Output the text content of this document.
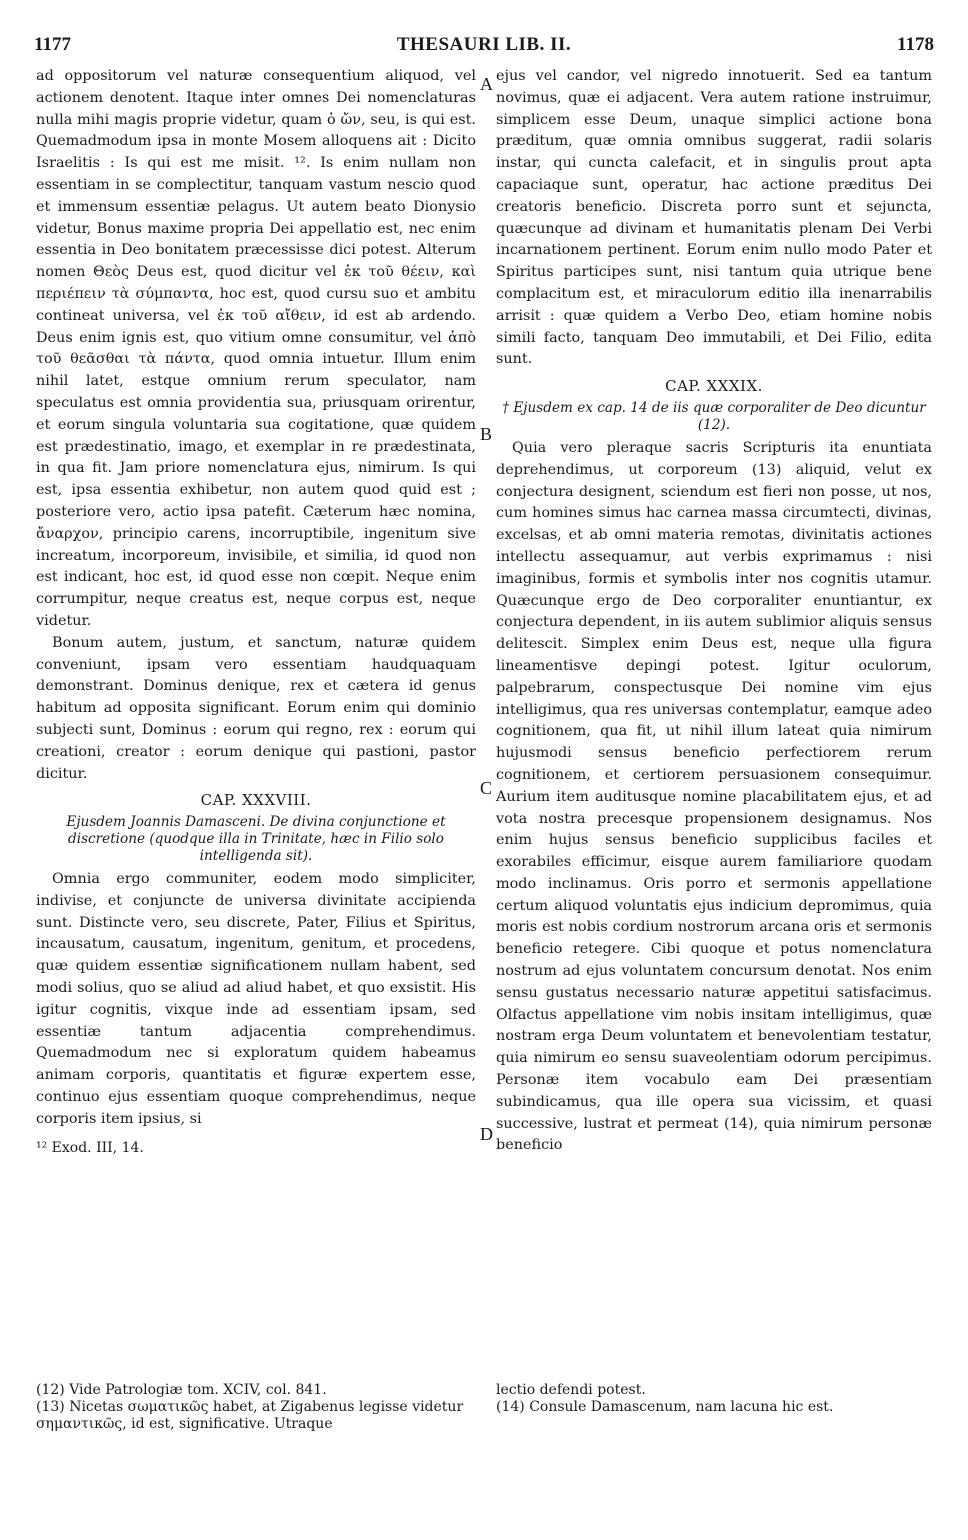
1177	THESAURI LIB. II.	1178

ad oppositorum vel naturæ consequentium aliquod, vel actionem denotent. Itaque inter omnes Dei nomenclaturas nulla mihi magis proprie videtur, quam ὁ ὤν, seu, is qui est. Quemadmodum ipsa in monte Mosem alloquens ait : Dicito Israelitis : Is qui est me misit. ¹². Is enim nullam non essentiam in se complectitur, tanquam vastum nescio quod et immensum essentiæ pelagus. Ut autem beato Dionysio videtur, Bonus maxime propria Dei appellatio est, nec enim essentia in Deo bonitatem præcessisse dici potest. Alterum nomen Θεὸς Deus est, quod dicitur vel ἐκ τοῦ θέειν, καὶ περιέπειν τὰ σύμπαντα, hoc est, quod cursu suo et ambitu contineat universa, vel ἐκ τοῦ αἴθειν, id est ab ardendo. Deus enim ignis est, quo vitium omne consumitur, vel ἀπὸ τοῦ θεᾶσθαι τὰ πάντα, quod omnia intuetur. Illum enim nihil latet, estque omnium rerum speculator, nam speculatus est omnia providentia sua, priusquam orirentur, et eorum singula voluntaria sua cogitatione, quæ quidem est prædestinatio, imago, et exemplar in re prædestinata, in qua fit. Jam priore nomenclatura ejus, nimirum. Is qui est, ipsa essentia exhibetur, non autem quod quid est ; posteriore vero, actio ipsa patefit. Cæterum hæc nomina, ἄναρχον, principio carens, incorruptibile, ingenitum sive increatum, incorporeum, invisibile, et similia, id quod non est indicant, hoc est, id quod esse non cœpit. Neque enim corrumpitur, neque creatus est, neque corpus est, neque videtur.

Bonum autem, justum, et sanctum, naturæ quidem conveniunt, ipsam vero essentiam haudquaquam demonstrant. Dominus denique, rex et cætera id genus habitum ad opposita significant. Eorum enim qui dominio subjecti sunt, Dominus : eorum qui regno, rex : eorum qui creationi, creator : eorum denique qui pastioni, pastor dicitur.

CAP. XXXVIII.
Ejusdem Joannis Damasceni. De divina conjunctione et discretione (quodque illa in Trinitate, hæc in Filio solo intelligenda sit).

Omnia ergo communiter, eodem modo simpliciter, indivise, et conjuncte de universa divinitate accipienda sunt. Distincte vero, seu discrete, Pater, Filius et Spiritus, incausatum, causatum, ingenitum, genitum, et procedens, quæ quidem essentiæ significationem nullam habent, sed modi solius, quo se aliud ad aliud habet, et quo exsistit. His igitur cognitis, vixque inde ad essentiam ipsam, sed essentiæ tantum adjacentia comprehendimus. Quemadmodum nec si exploratum quidem habeamus animam corporis, quantitatis et figuræ expertem esse, continuo ejus essentiam quoque comprehendimus, neque corporis item ipsius, si

¹² Exod. III, 14.

ejus vel candor, vel nigredo innotuerit. Sed ea tantum novimus, quæ ei adjacent. Vera autem ratione instruimur, simplicem esse Deum, unaque simplici actione bona præditum, quæ omnia omnibus suggerat, radii solaris instar, qui cuncta calefacit, et in singulis prout apta capaciaque sunt, operatur, hac actione præditus Dei creatoris beneficio. Discreta porro sunt et sejuncta, quæcunque ad divinam et humanitatis plenam Dei Verbi incarnationem pertinent. Eorum enim nullo modo Pater et Spiritus participes sunt, nisi tantum quia utrique bene complacitum est, et miraculorum editio illa inenarrabilis arrisit : quæ quidem a Verbo Deo, etiam homine nobis simili facto, tanquam Deo immutabili, et Dei Filio, edita sunt.

CAP. XXXIX.
† Ejusdem ex cap. 14 de iis quæ corporaliter de Deo dicuntur (12).

Quia vero pleraque sacris Scripturis ita enuntiata deprehendimus, ut corporeum (13) aliquid, velut ex conjectura designent, sciendum est fieri non posse, ut nos, cum homines simus hac carnea massa circumtecti, divinas, excelsas, et ab omni materia remotas, divinitatis actiones intellectu assequamur, aut verbis exprimamus : nisi imaginibus, formis et symbolis inter nos cognitis utamur. Quæcunque ergo de Deo corporaliter enuntiantur, ex conjectura dependent, in iis autem sublimior aliquis sensus delitescit. Simplex enim Deus est, neque ulla figura lineamentisve depingi potest. Igitur oculorum, palpebrarum, conspectusque Dei nomine vim ejus intelligimus, qua res universas contemplatur, eamque adeo cognitionem, qua fit, ut nihil illum lateat quia nimirum hujusmodi sensus beneficio perfectiorem rerum cognitionem, et certiorem persuasionem consequimur. Aurium item auditusque nomine placabilitatem ejus, et ad vota nostra precesque propensionem designamus. Nos enim hujus sensus beneficio supplicibus faciles et exorabiles efficimur, eisque aurem familiariore quodam modo inclinamus. Oris porro et sermonis appellatione certum aliquod voluntatis ejus indicium depromimus, quia moris est nobis cordium nostrorum arcana oris et sermonis beneficio retegere. Cibi quoque et potus nomenclatura nostrum ad ejus voluntatem concursum denotat. Nos enim sensu gustatus necessario naturæ appetitui satisfacimus. Olfactus appellatione vim nobis insitam intelligimus, quæ nostram erga Deum voluntatem et benevolentiam testatur, quia nimirum eo sensu suavеolentiam odorum percipimus. Personæ item vocabulo eam Dei præsentiam subindicamus, qua ille opera sua vicissim, et quasi successive, lustrat et permeat (14), quia nimirum personæ beneficio

A
B
C
D

(12) Vide Patrologiæ tom. XCIV, col. 841.

(13) Nicetas σωματικῶς habet, at Zigabenus legisse videtur σημαντικῶς, id est, significative. Utraque

lectio defendi potest.

(14) Consule Damascenum, nam lacuna hic est.
